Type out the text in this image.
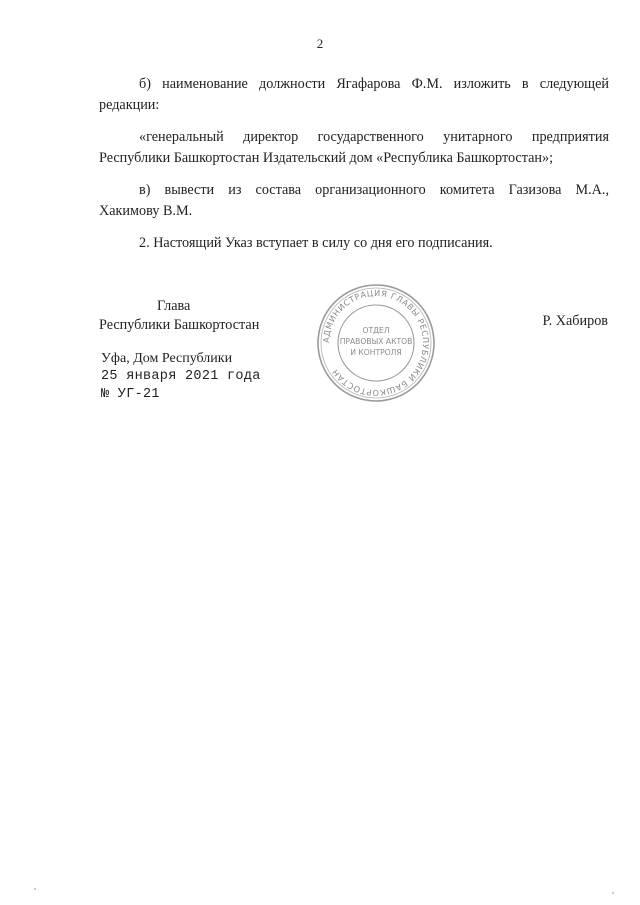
2

б) наименование должности Ягафарова Ф.М. изложить в следующей
редакции:

«генеральный директор государственного унитарного предприятия
Республики Башкортостан Издательский дом «Республика Башкортостан»;

в) вывести из состава организационного комитета Газизова М.А.,
Хакимову В.М.

2. Настоящий Указ вступает в силу со дня его подписания.

Глава
Республики Башкортостан	Р. Хабиров
АДМИНИСТРАЦИЯ ГЛАВЫ РЕСПУБЛИКИ БАШКОРТОСТАН
ОТДЕЛ
ПРАВОВЫХ АКТОВ
И КОНТРОЛЯ
Уфа, Дом Республики
25 января 2021 года
№ УГ-21
